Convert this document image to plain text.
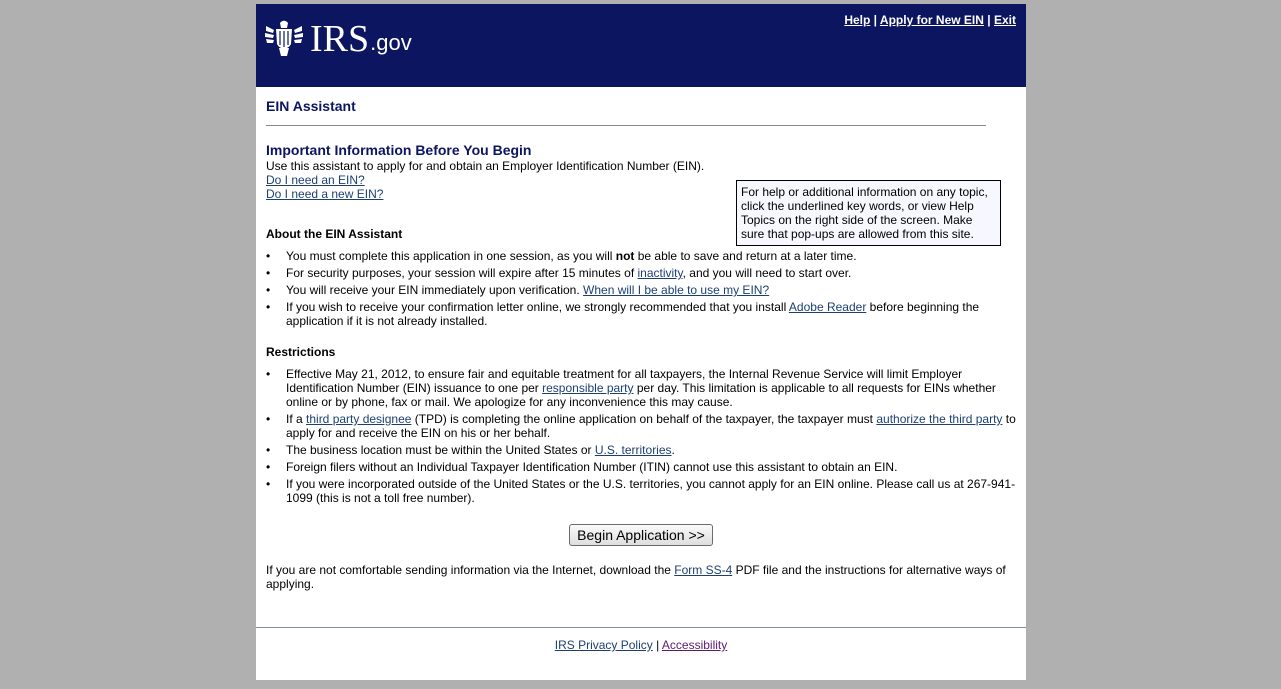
IRS .gov
Help | Apply for New EIN | Exit
EIN Assistant
Important Information Before You Begin
Use this assistant to apply for and obtain an Employer Identification Number (EIN).
Do I need an EIN?
Do I need a new EIN?	For help or additional information on any topic, click the underlined key words, or view Help Topics on the right side of the screen. Make sure that pop-ups are allowed from this site.
About the EIN Assistant
• You must complete this application in one session, as you will not be able to save and return at a later time.
• For security purposes, your session will expire after 15 minutes of inactivity, and you will need to start over.
• You will receive your EIN immediately upon verification. When will I be able to use my EIN?
• If you wish to receive your confirmation letter online, we strongly recommended that you install Adobe Reader before beginning the application if it is not already installed.
Restrictions
• Effective May 21, 2012, to ensure fair and equitable treatment for all taxpayers, the Internal Revenue Service will limit Employer Identification Number (EIN) issuance to one per responsible party per day. This limitation is applicable to all requests for EINs whether online or by phone, fax or mail. We apologize for any inconvenience this may cause.
• If a third party designee (TPD) is completing the online application on behalf of the taxpayer, the taxpayer must authorize the third party to apply for and receive the EIN on his or her behalf.
• The business location must be within the United States or U.S. territories.
• Foreign filers without an Individual Taxpayer Identification Number (ITIN) cannot use this assistant to obtain an EIN.
• If you were incorporated outside of the United States or the U.S. territories, you cannot apply for an EIN online. Please call us at 267-941-1099 (this is not a toll free number).
Begin Application >>
If you are not comfortable sending information via the Internet, download the Form SS-4 PDF file and the instructions for alternative ways of applying.
IRS Privacy Policy | Accessibility
